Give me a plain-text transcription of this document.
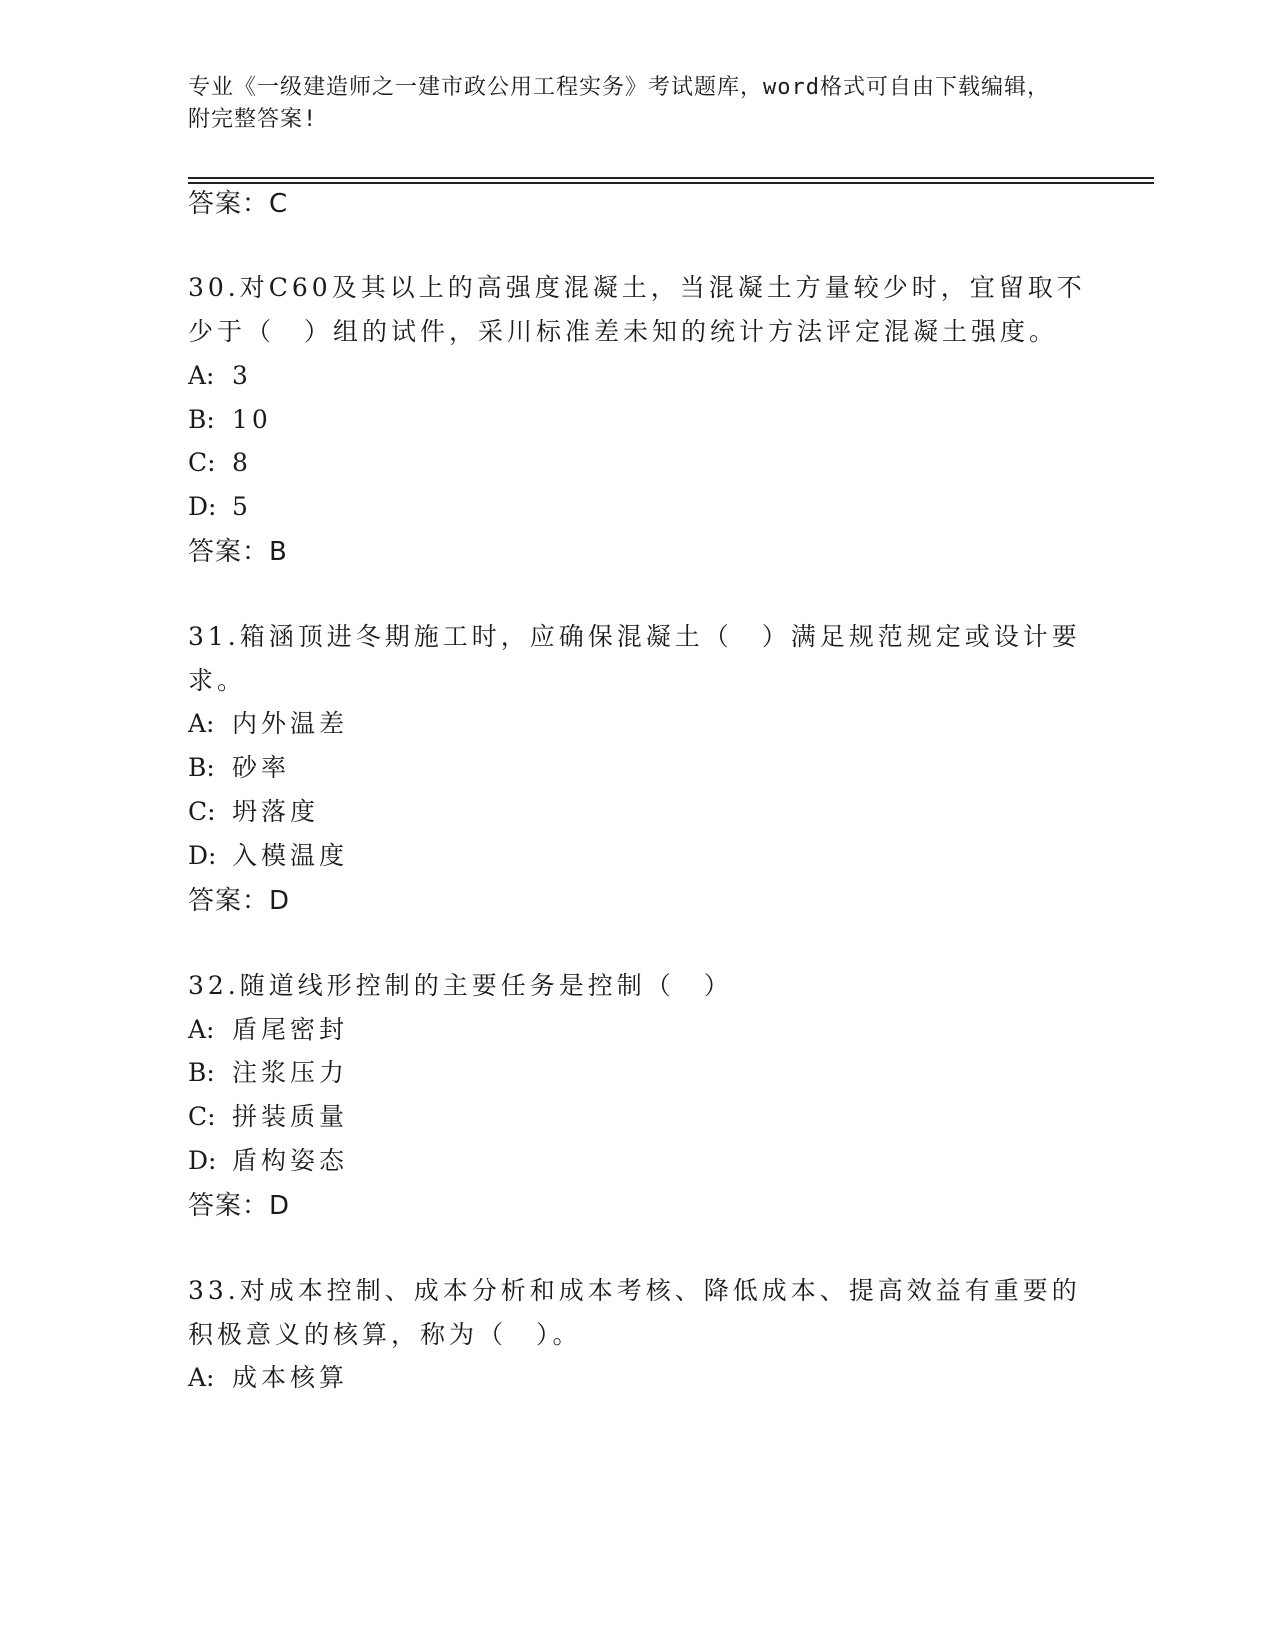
专业《一级建造师之一建市政公用工程实务》考试题库，word格式可自由下载编辑，附完整答案!
答案：C
30.对C60及其以上的高强度混凝土，当混凝土方量较少时，宜留取不
少于（　）组的试件，采川标准差未知的统计方法评定混凝土强度。
A: 3
B: 10
C: 8
D: 5
答案：B
31.箱涵顶进冬期施工时，应确保混凝土（　）满足规范规定或设计要
求。
A: 内外温差
B: 砂率
C: 坍落度
D: 入模温度
答案：D
32.随道线形控制的主要任务是控制（　）
A: 盾尾密封
B: 注浆压力
C: 拼装质量
D: 盾构姿态
答案：D
33.对成本控制、成本分析和成本考核、降低成本、提高效益有重要的
积极意义的核算，称为（　）。
A: 成本核算
